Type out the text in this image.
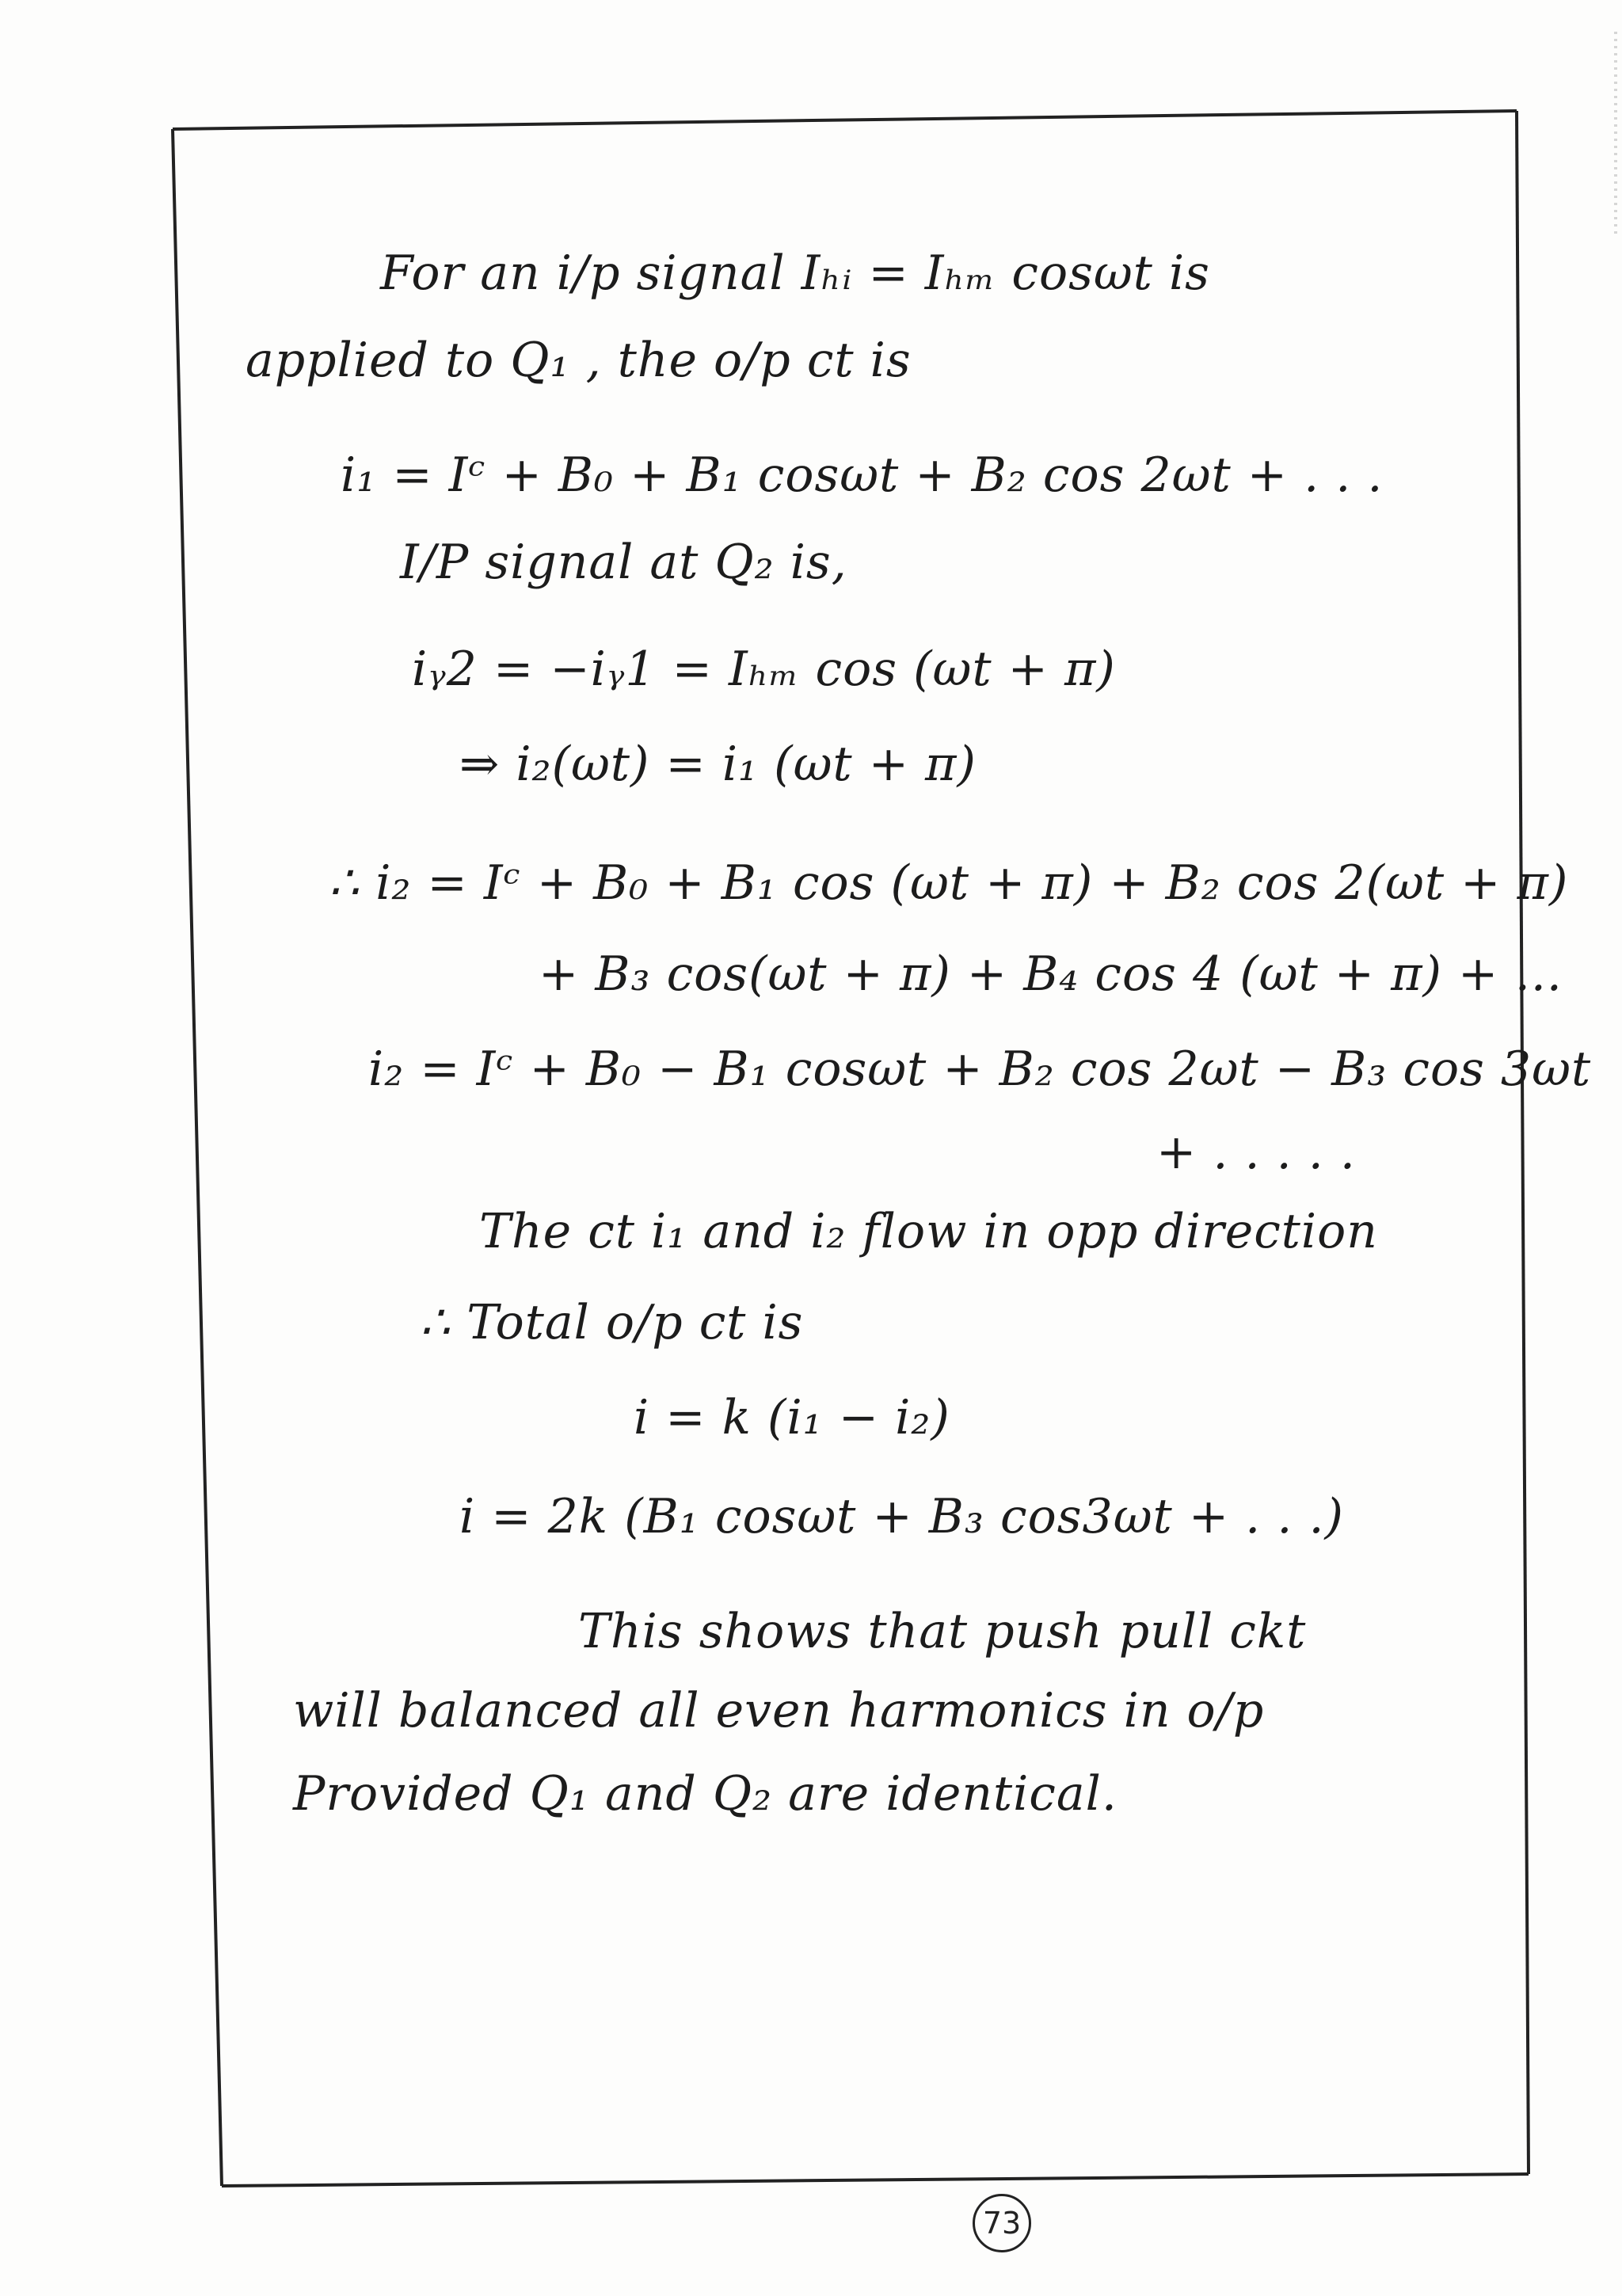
For an i/p signal Iₕᵢ = Iₕₘ cosωt is
applied to Q₁ , the o/p ct is
i₁ = Iᶜ + B₀ + B₁ cosωt + B₂ cos 2ωt + . . .
I/P signal at Q₂ is,
iᵧ2 = −iᵧ1 = Iₕₘ cos (ωt + π)
⇒ i₂(ωt) = i₁ (ωt + π)
∴ i₂ = Iᶜ + B₀ + B₁ cos (ωt + π) + B₂ cos 2(ωt + π)
+ B₃ cos(ωt + π) + B₄ cos 4 (ωt + π) + …
i₂ = Iᶜ + B₀ − B₁ cosωt + B₂ cos 2ωt − B₃ cos 3ωt
+ . . . . .
The ct i₁ and i₂ flow in opp direction
∴ Total o/p ct is
i = k (i₁ − i₂)
i = 2k (B₁ cosωt + B₃ cos3ωt + . . .)
This shows that push pull ckt
will balanced all even harmonics in o/p
Provided Q₁ and Q₂ are identical.
73
